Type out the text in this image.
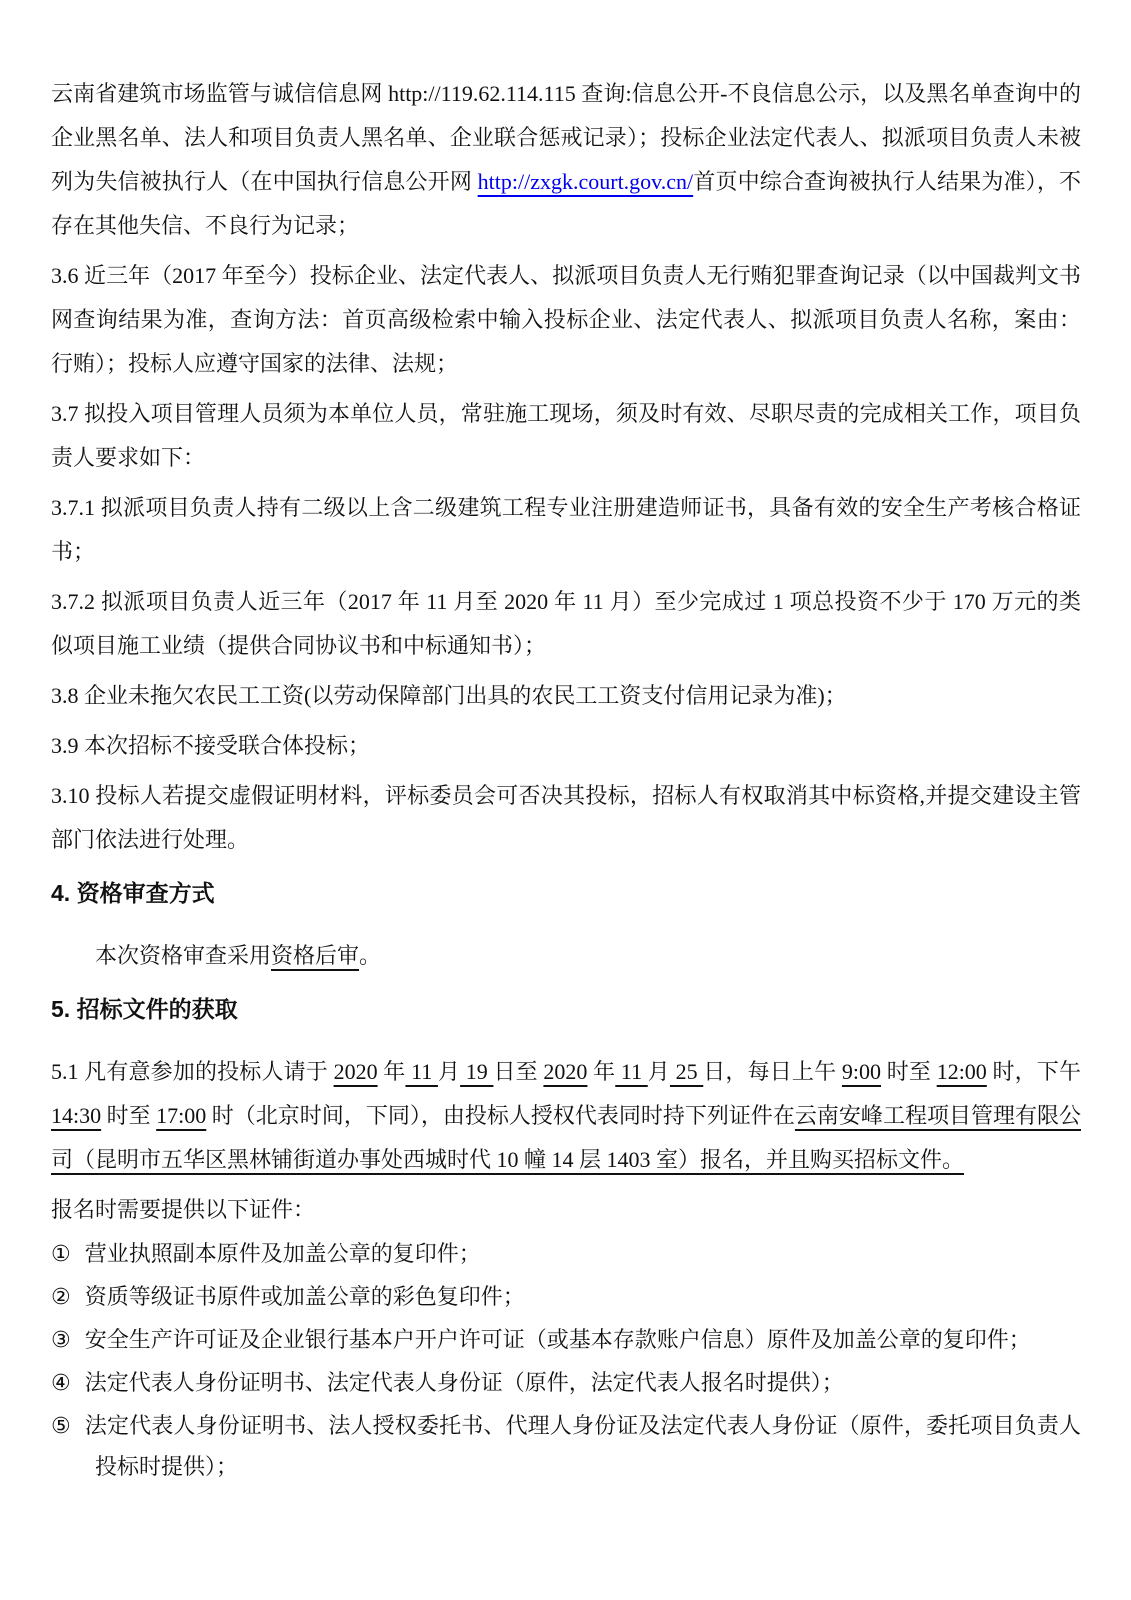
云南省建筑市场监管与诚信信息网 http://119.62.114.115 查询:信息公开-不良信息公示，以及黑名单查询中的企业黑名单、法人和项目负责人黑名单、企业联合惩戒记录）；投标企业法定代表人、拟派项目负责人未被列为失信被执行人（在中国执行信息公开网 http://zxgk.court.gov.cn/首页中综合查询被执行人结果为准），不存在其他失信、不良行为记录；

3.6 近三年（2017 年至今）投标企业、法定代表人、拟派项目负责人无行贿犯罪查询记录（以中国裁判文书网查询结果为准，查询方法：首页高级检索中输入投标企业、法定代表人、拟派项目负责人名称，案由：行贿）；投标人应遵守国家的法律、法规；

3.7 拟投入项目管理人员须为本单位人员，常驻施工现场，须及时有效、尽职尽责的完成相关工作，项目负责人要求如下：

3.7.1 拟派项目负责人持有二级以上含二级建筑工程专业注册建造师证书，具备有效的安全生产考核合格证书；

3.7.2 拟派项目负责人近三年（2017 年 11 月至 2020 年 11 月）至少完成过 1 项总投资不少于 170 万元的类似项目施工业绩（提供合同协议书和中标通知书）；

3.8 企业未拖欠农民工工资(以劳动保障部门出具的农民工工资支付信用记录为准)；

3.9 本次招标不接受联合体投标；

3.10 投标人若提交虚假证明材料，评标委员会可否决其投标，招标人有权取消其中标资格,并提交建设主管部门依法进行处理。

4. 资格审查方式

本次资格审查采用资格后审。

5. 招标文件的获取

5.1 凡有意参加的投标人请于 2020 年 11 月 19 日至 2020 年 11 月 25 日，每日上午 9:00 时至 12:00 时，下午 14:30 时至 17:00 时（北京时间，下同），由投标人授权代表同时持下列证件在云南安峰工程项目管理有限公司（昆明市五华区黑林铺街道办事处西城时代 10 幢 14 层 1403 室）报名，并且购买招标文件。

报名时需要提供以下证件：

① 营业执照副本原件及加盖公章的复印件；
② 资质等级证书原件或加盖公章的彩色复印件；
③ 安全生产许可证及企业银行基本户开户许可证（或基本存款账户信息）原件及加盖公章的复印件；
④ 法定代表人身份证明书、法定代表人身份证（原件，法定代表人报名时提供）；
⑤ 法定代表人身份证明书、法人授权委托书、代理人身份证及法定代表人身份证（原件，委托项目负责人投标时提供）；
